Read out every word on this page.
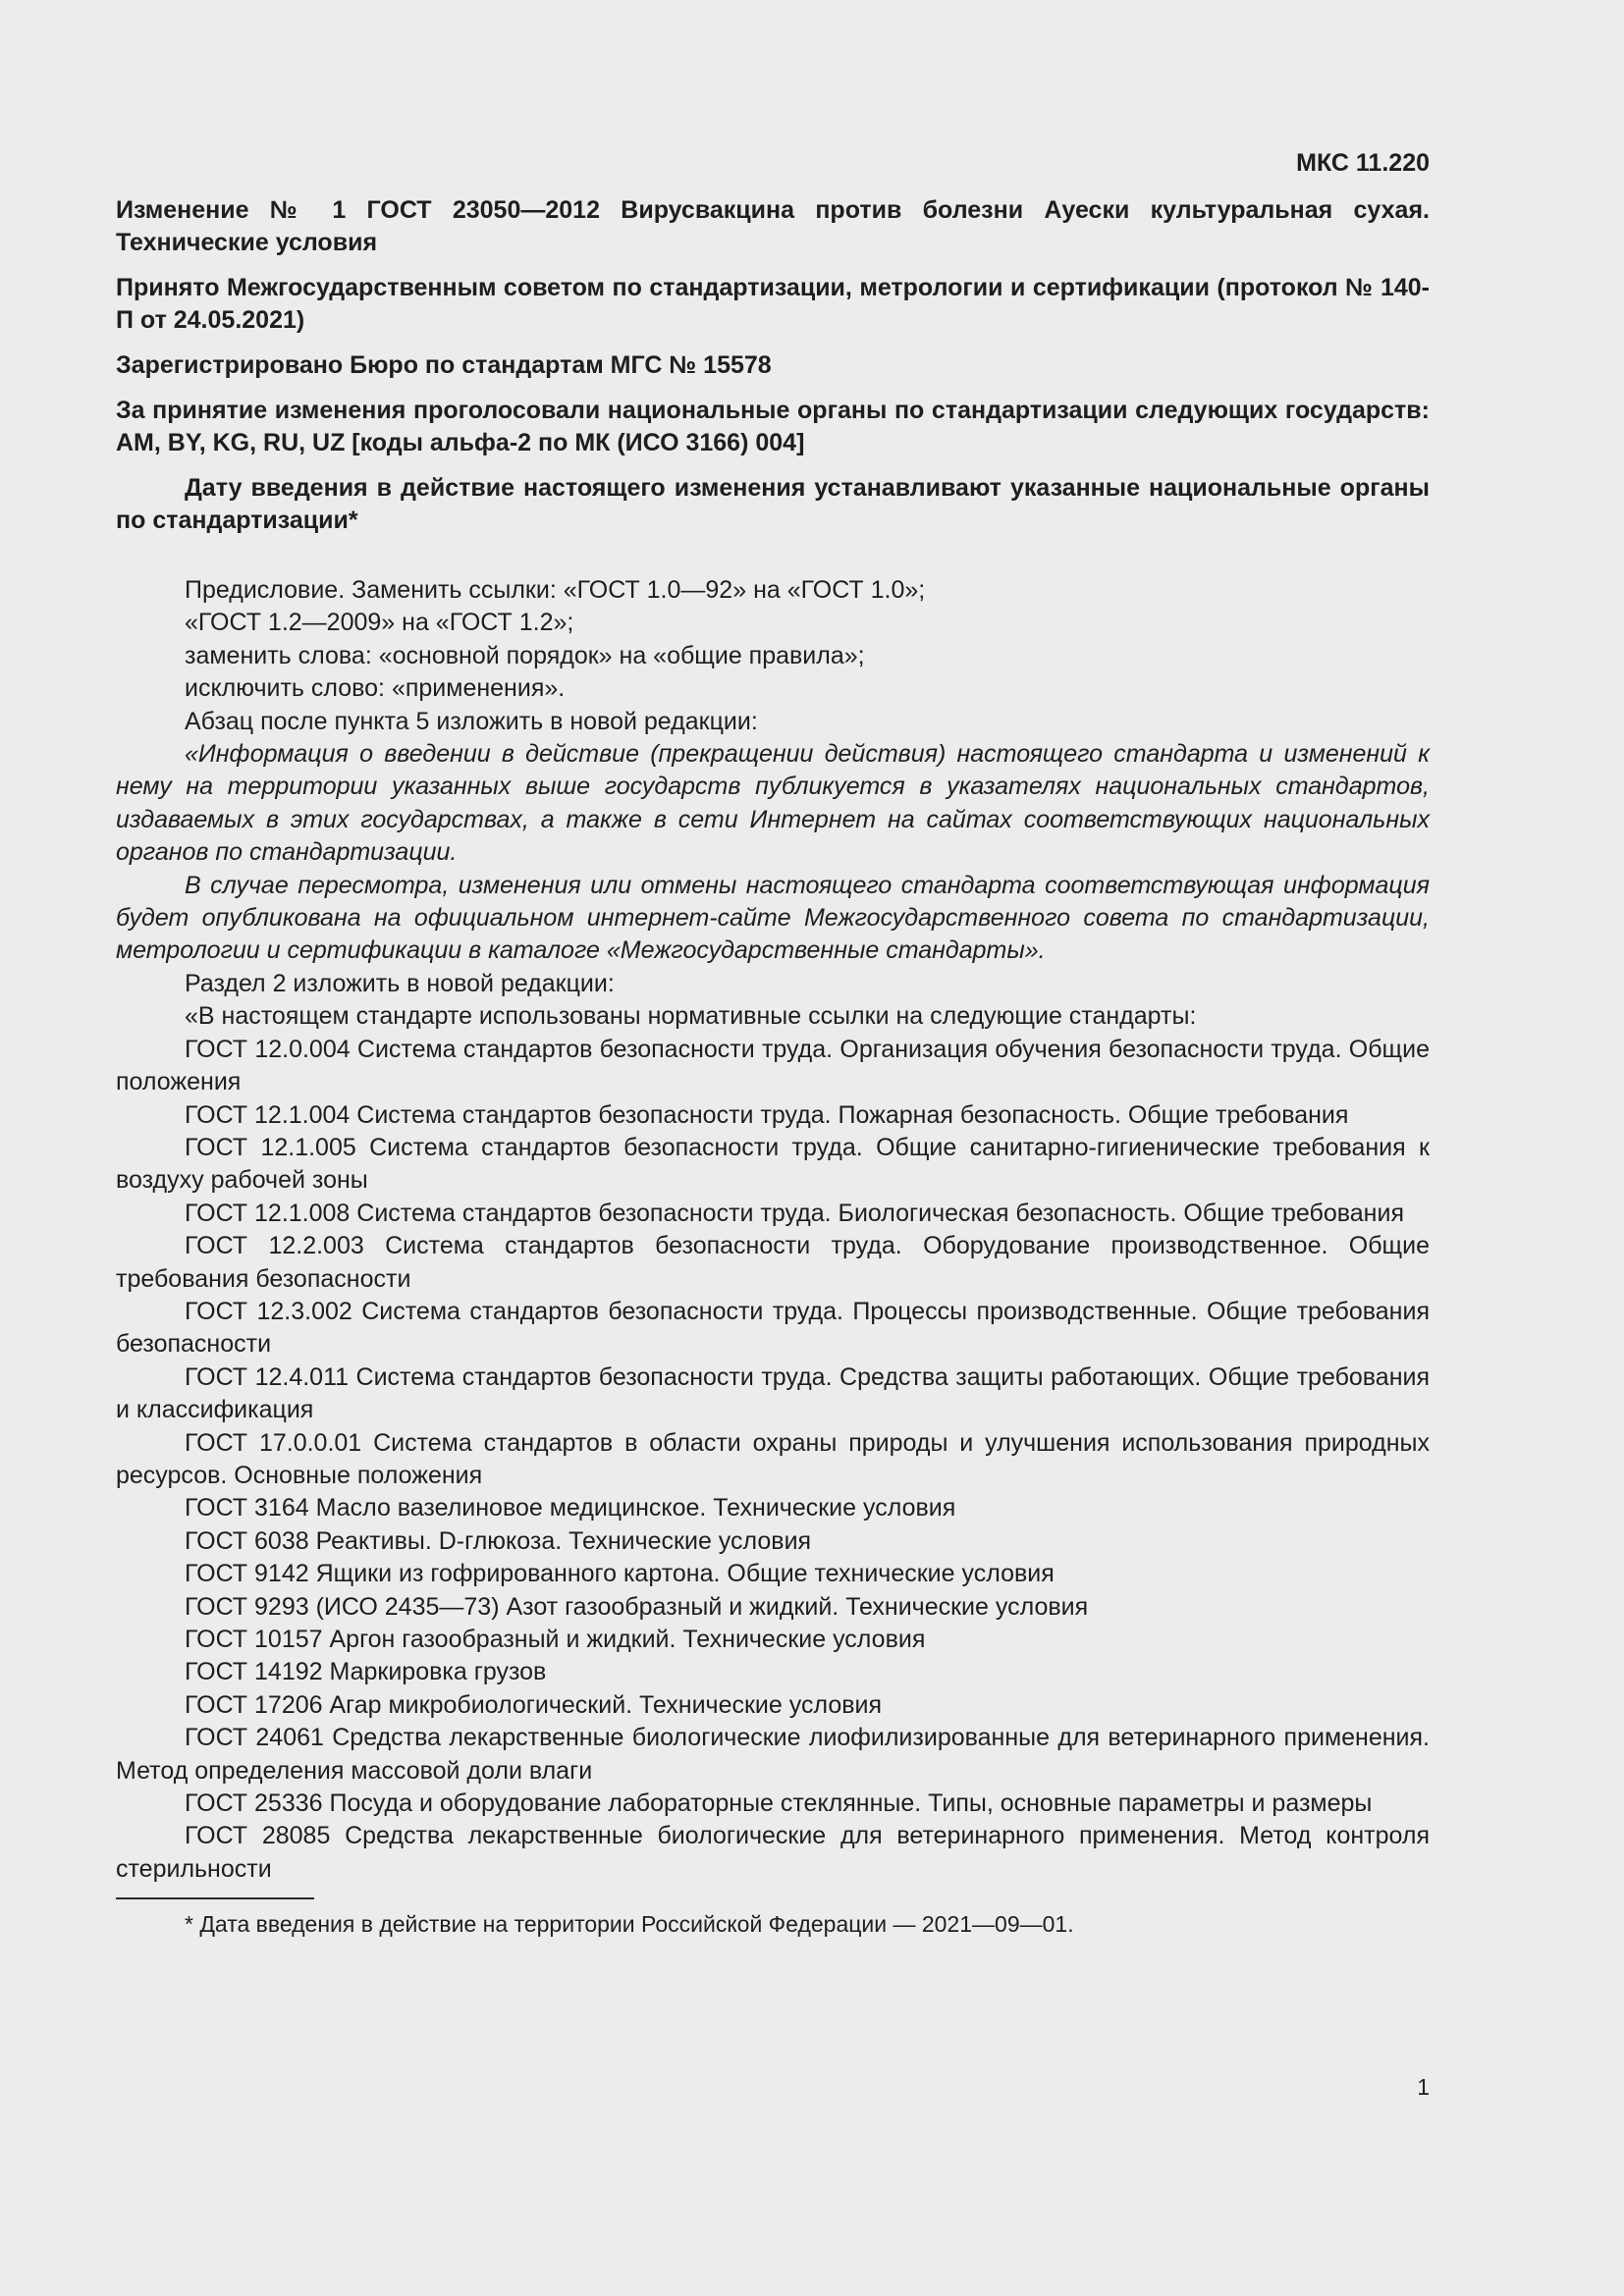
МКС 11.220
Изменение № 1 ГОСТ 23050—2012 Вирусвакцина против болезни Ауески культуральная сухая. Технические условия
Принято Межгосударственным советом по стандартизации, метрологии и сертификации (протокол № 140-П от 24.05.2021)
Зарегистрировано Бюро по стандартам МГС № 15578
За принятие изменения проголосовали национальные органы по стандартизации следующих государств: AM, BY, KG, RU, UZ [коды альфа-2 по МК (ИСО 3166) 004]
Дату введения в действие настоящего изменения устанавливают указанные национальные органы по стандартизации*

Предисловие. Заменить ссылки: «ГОСТ 1.0—92» на «ГОСТ 1.0»;

«ГОСТ 1.2—2009» на «ГОСТ 1.2»;

заменить слова: «основной порядок» на «общие правила»;

исключить слово: «применения».

Абзац после пункта 5 изложить в новой редакции:

«Информация о введении в действие (прекращении действия) настоящего стандарта и изменений к нему на территории указанных выше государств публикуется в указателях национальных стандартов, издаваемых в этих государствах, а также в сети Интернет на сайтах соответствующих национальных органов по стандартизации.

В случае пересмотра, изменения или отмены настоящего стандарта соответствующая информация будет опубликована на официальном интернет-сайте Межгосударственного совета по стандартизации, метрологии и сертификации в каталоге «Межгосударственные стандарты».

Раздел 2 изложить в новой редакции:

«В настоящем стандарте использованы нормативные ссылки на следующие стандарты:

ГОСТ 12.0.004 Система стандартов безопасности труда. Организация обучения безопасности труда. Общие положения

ГОСТ 12.1.004 Система стандартов безопасности труда. Пожарная безопасность. Общие требования

ГОСТ 12.1.005 Система стандартов безопасности труда. Общие санитарно-гигиенические требования к воздуху рабочей зоны

ГОСТ 12.1.008 Система стандартов безопасности труда. Биологическая безопасность. Общие требования

ГОСТ 12.2.003 Система стандартов безопасности труда. Оборудование производственное. Общие требования безопасности

ГОСТ 12.3.002 Система стандартов безопасности труда. Процессы производственные. Общие требования безопасности

ГОСТ 12.4.011 Система стандартов безопасности труда. Средства защиты работающих. Общие требования и классификация

ГОСТ 17.0.0.01 Система стандартов в области охраны природы и улучшения использования природных ресурсов. Основные положения

ГОСТ 3164 Масло вазелиновое медицинское. Технические условия

ГОСТ 6038 Реактивы. D-глюкоза. Технические условия

ГОСТ 9142 Ящики из гофрированного картона. Общие технические условия

ГОСТ 9293 (ИСО 2435—73) Азот газообразный и жидкий. Технические условия

ГОСТ 10157 Аргон газообразный и жидкий. Технические условия

ГОСТ 14192 Маркировка грузов

ГОСТ 17206 Агар микробиологический. Технические условия

ГОСТ 24061 Средства лекарственные биологические лиофилизированные для ветеринарного применения. Метод определения массовой доли влаги

ГОСТ 25336 Посуда и оборудование лабораторные стеклянные. Типы, основные параметры и размеры

ГОСТ 28085 Средства лекарственные биологические для ветеринарного применения. Метод контроля стерильности

* Дата введения в действие на территории Российской Федерации — 2021—09—01.

1
